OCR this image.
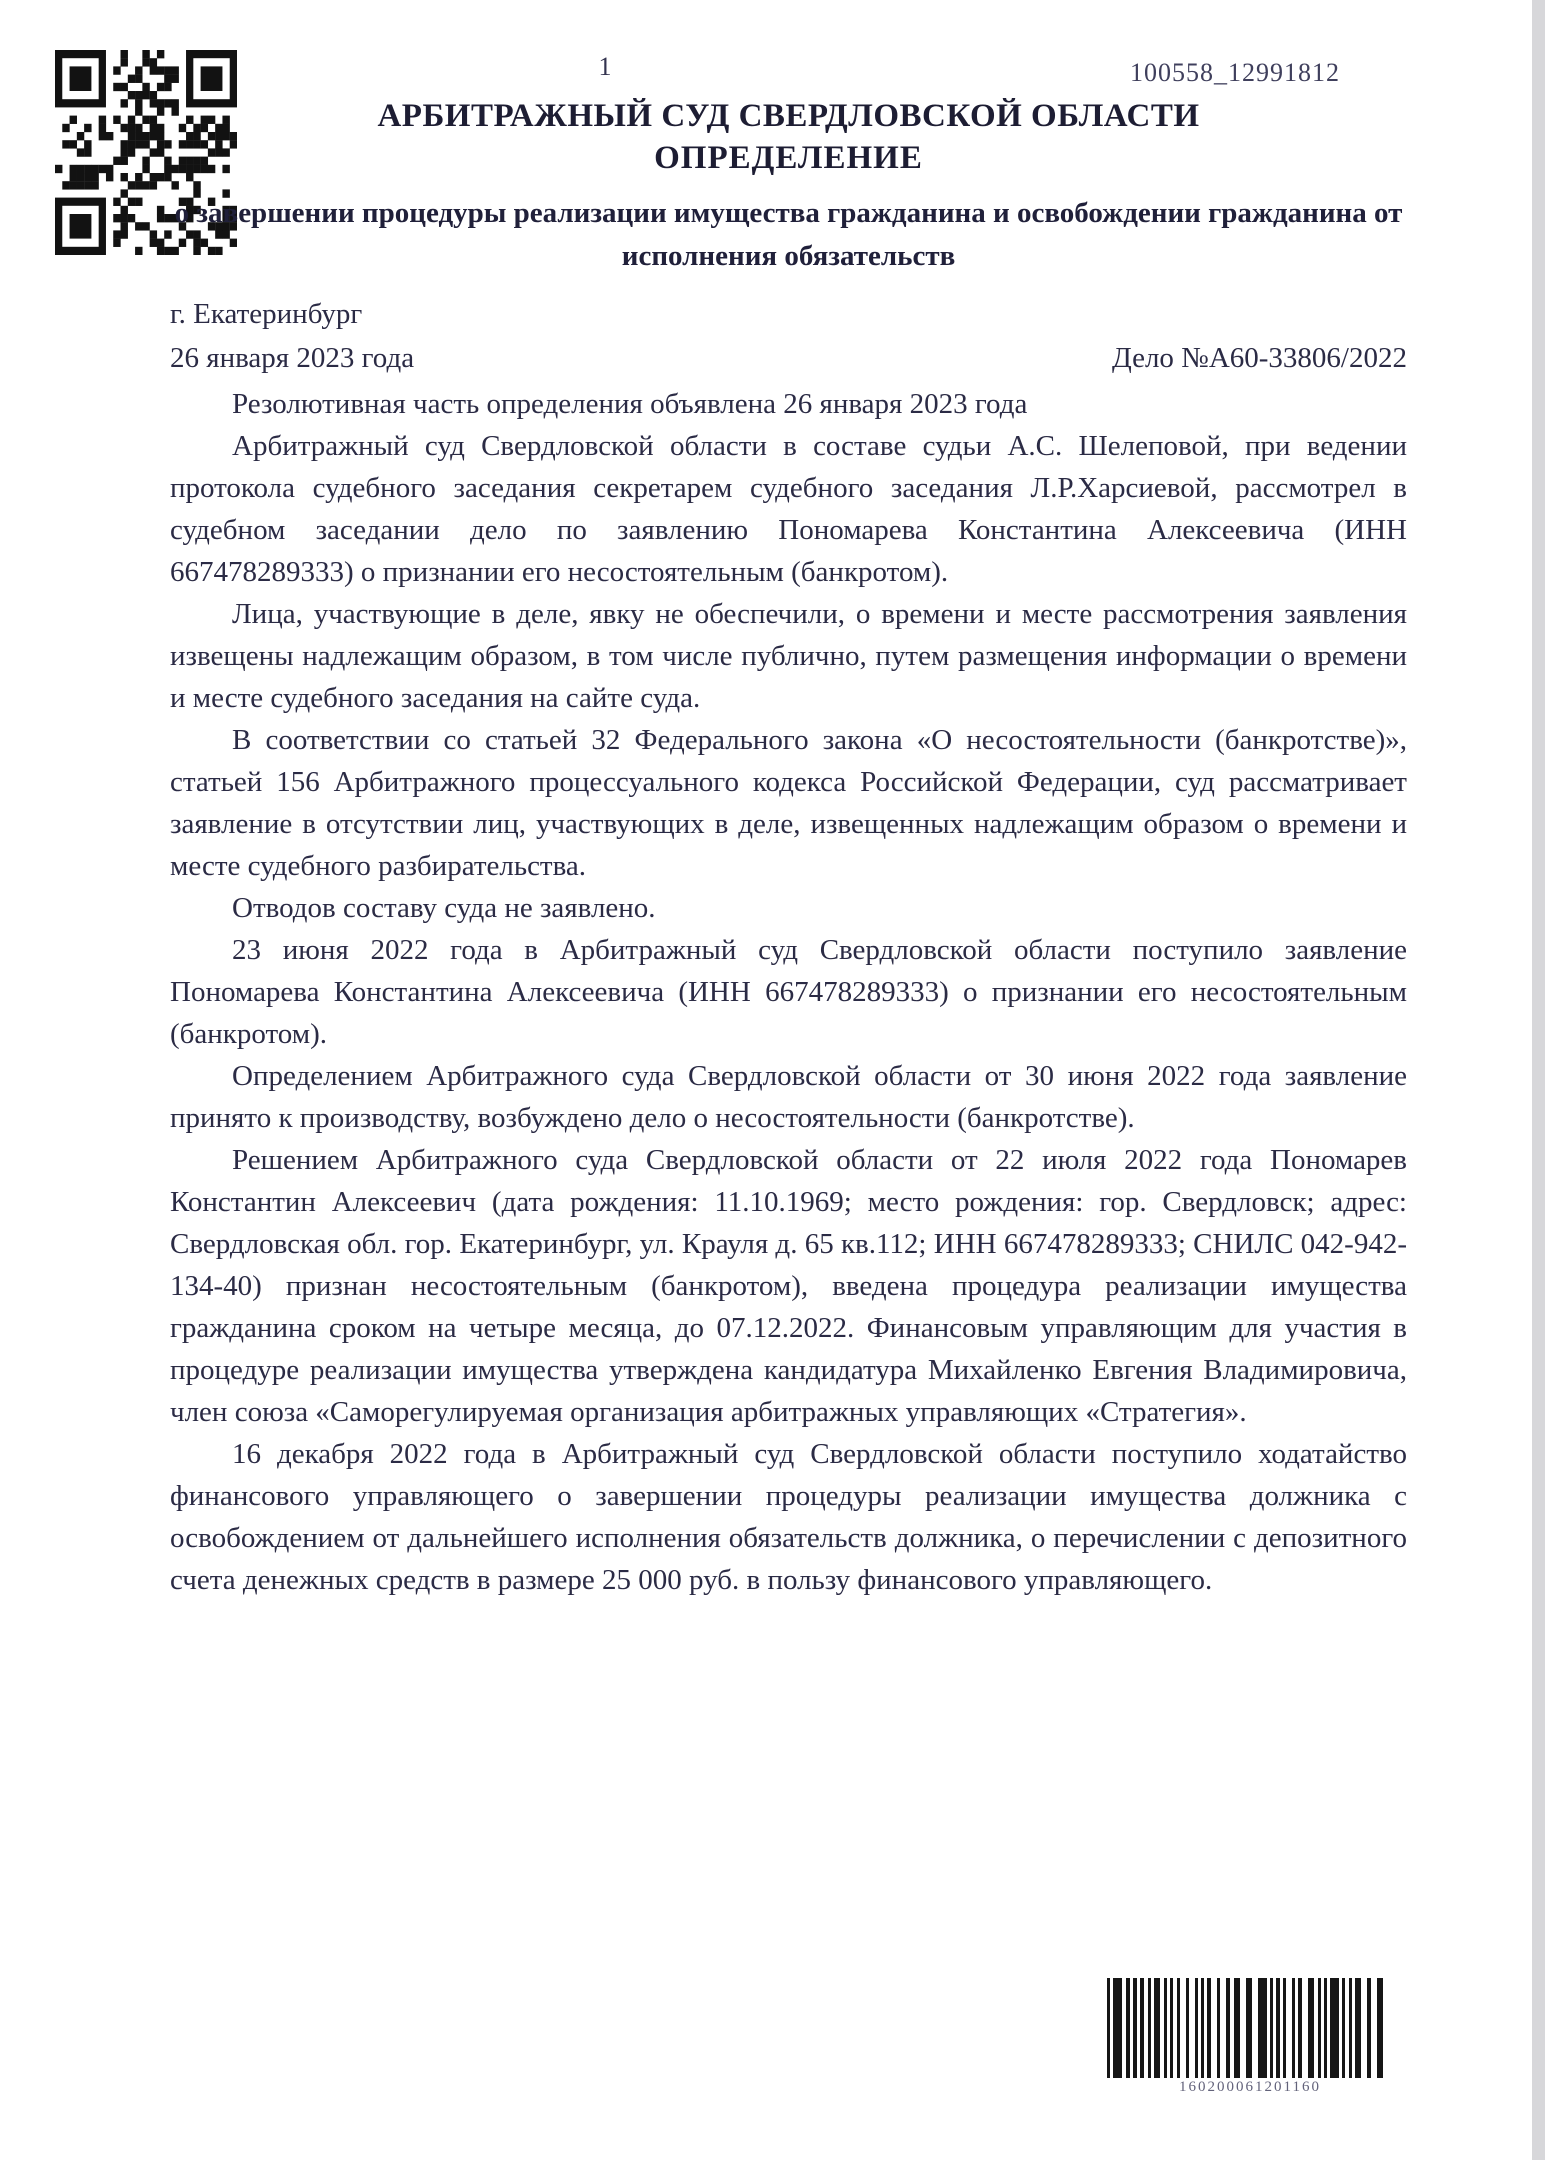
1	100558_12991812
АРБИТРАЖНЫЙ СУД СВЕРДЛОВСКОЙ ОБЛАСТИ
ОПРЕДЕЛЕНИЕ
о завершении процедуры реализации имущества гражданина и освобождении гражданина от исполнения обязательств
г. Екатеринбург
26 января 2023 года	Дело №А60-33806/2022

Резолютивная часть определения объявлена 26 января 2023 года

Арбитражный суд Свердловской области в составе судьи А.С. Шелеповой, при ведении протокола судебного заседания секретарем судебного заседания Л.Р.Харсиевой, рассмотрел в судебном заседании дело по заявлению Пономарева Константина Алексеевича (ИНН 667478289333) о признании его несостоятельным (банкротом).

Лица, участвующие в деле, явку не обеспечили, о времени и месте рассмотрения заявления извещены надлежащим образом, в том числе публично, путем размещения информации о времени и месте судебного заседания на сайте суда.

В соответствии со статьей 32 Федерального закона «О несостоятельности (банкротстве)», статьей 156 Арбитражного процессуального кодекса Российской Федерации, суд рассматривает заявление в отсутствии лиц, участвующих в деле, извещенных надлежащим образом о времени и месте судебного разбирательства.

Отводов составу суда не заявлено.

23 июня 2022 года в Арбитражный суд Свердловской области поступило заявление Пономарева Константина Алексеевича (ИНН 667478289333) о признании его несостоятельным (банкротом).

Определением Арбитражного суда Свердловской области от 30 июня 2022 года заявление принято к производству, возбуждено дело о несостоятельности (банкротстве).

Решением Арбитражного суда Свердловской области от 22 июля 2022 года Пономарев Константин Алексеевич (дата рождения: 11.10.1969; место рождения: гор. Свердловск; адрес: Свердловская обл. гор. Екатеринбург, ул. Крауля д. 65 кв.112; ИНН 667478289333; СНИЛС 042-942-134-40) признан несостоятельным (банкротом), введена процедура реализации имущества гражданина сроком на четыре месяца, до 07.12.2022. Финансовым управляющим для участия в процедуре реализации имущества утверждена кандидатура Михайленко Евгения Владимировича, член союза «Саморегулируемая организация арбитражных управляющих «Стратегия».

16 декабря 2022 года в Арбитражный суд Свердловской области поступило ходатайство финансового управляющего о завершении процедуры реализации имущества должника с освобождением от дальнейшего исполнения обязательств должника, о перечислении с депозитного счета денежных средств в размере 25 000 руб. в пользу финансового управляющего.

160200061201160
